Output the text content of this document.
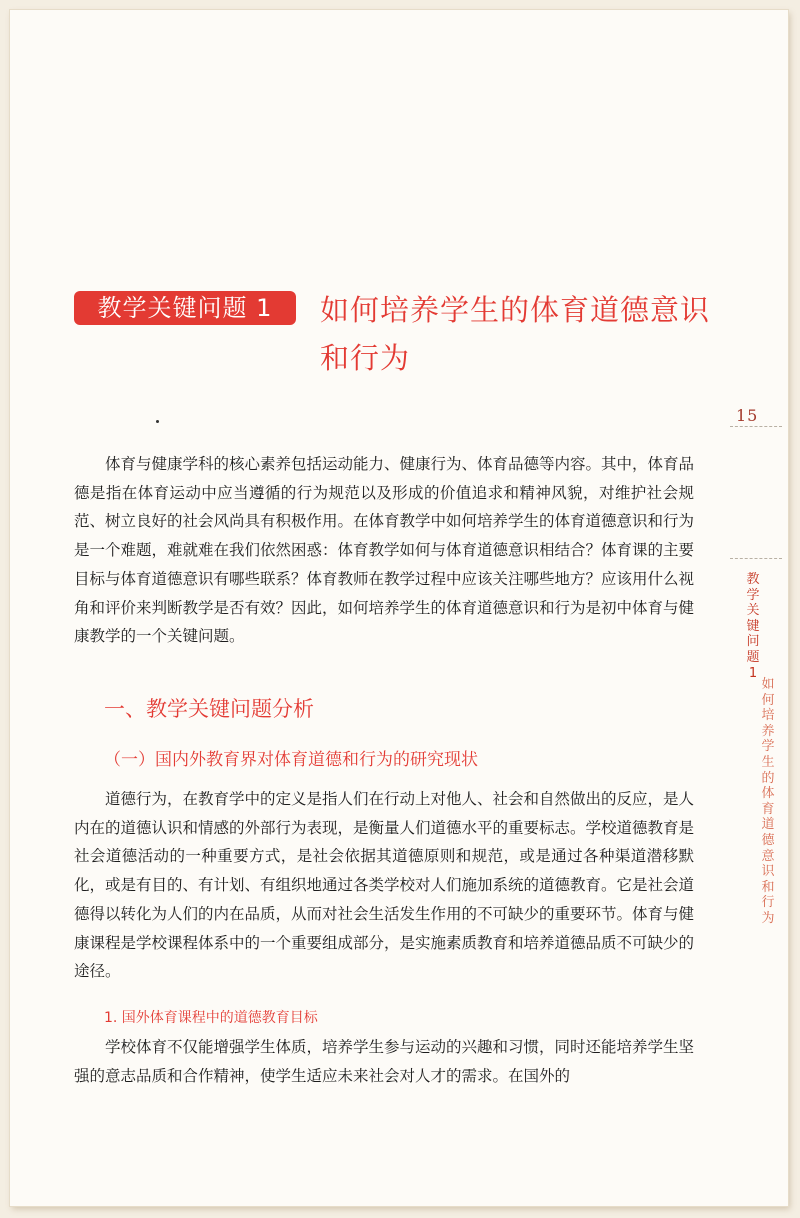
教学关键问题 1	如何培养学生的体育道德意识和行为
15
教学关键问题1
如何培养学生的体育道德意识和行为
体育与健康学科的核心素养包括运动能力、健康行为、体育品德等内容。其中，体育品德是指在体育运动中应当遵循的行为规范以及形成的价值追求和精神风貌，对维护社会规范、树立良好的社会风尚具有积极作用。在体育教学中如何培养学生的体育道德意识和行为是一个难题，难就难在我们依然困惑：体育教学如何与体育道德意识相结合？体育课的主要目标与体育道德意识有哪些联系？体育教师在教学过程中应该关注哪些地方？应该用什么视角和评价来判断教学是否有效？因此，如何培养学生的体育道德意识和行为是初中体育与健康教学的一个关键问题。
一、教学关键问题分析
（一）国内外教育界对体育道德和行为的研究现状
道德行为，在教育学中的定义是指人们在行动上对他人、社会和自然做出的反应，是人内在的道德认识和情感的外部行为表现，是衡量人们道德水平的重要标志。学校道德教育是社会道德活动的一种重要方式，是社会依据其道德原则和规范，或是通过各种渠道潜移默化，或是有目的、有计划、有组织地通过各类学校对人们施加系统的道德教育。它是社会道德得以转化为人们的内在品质，从而对社会生活发生作用的不可缺少的重要环节。体育与健康课程是学校课程体系中的一个重要组成部分，是实施素质教育和培养道德品质不可缺少的途径。
1. 国外体育课程中的道德教育目标
学校体育不仅能增强学生体质，培养学生参与运动的兴趣和习惯，同时还能培养学生坚强的意志品质和合作精神，使学生适应未来社会对人才的需求。在国外的
